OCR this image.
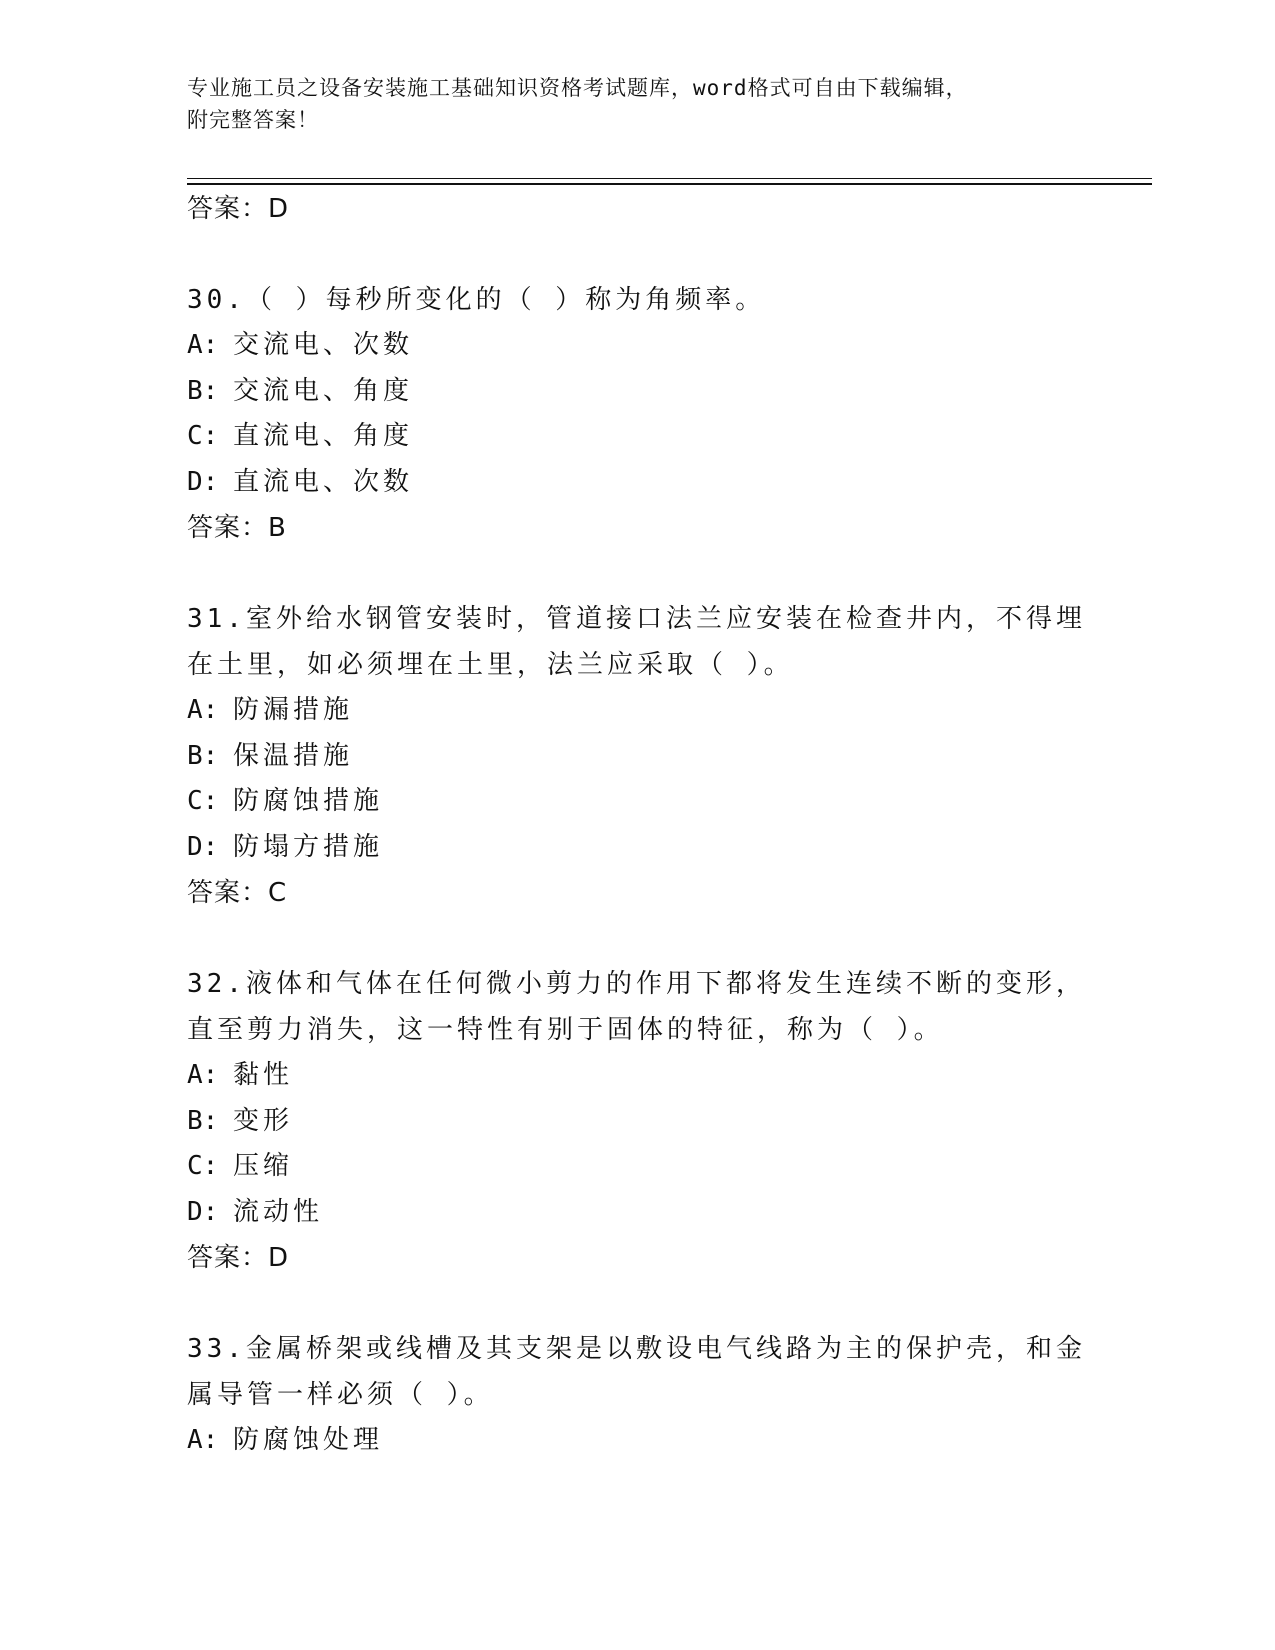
专业施工员之设备安装施工基础知识资格考试题库，word格式可自由下载编辑，
附完整答案！
答案：D
30.（ ）每秒所变化的（ ）称为角频率。
A: 交流电、次数
B: 交流电、角度
C: 直流电、角度
D: 直流电、次数
答案：B
31.室外给水钢管安装时，管道接口法兰应安装在检查井内，不得埋在土里，如必须埋在土里，法兰应采取（ ）。
A: 防漏措施
B: 保温措施
C: 防腐蚀措施
D: 防塌方措施
答案：C
32.液体和气体在任何微小剪力的作用下都将发生连续不断的变形，直至剪力消失，这一特性有别于固体的特征，称为（ ）。
A: 黏性
B: 变形
C: 压缩
D: 流动性
答案：D
33.金属桥架或线槽及其支架是以敷设电气线路为主的保护壳，和金属导管一样必须（ ）。
A: 防腐蚀处理
